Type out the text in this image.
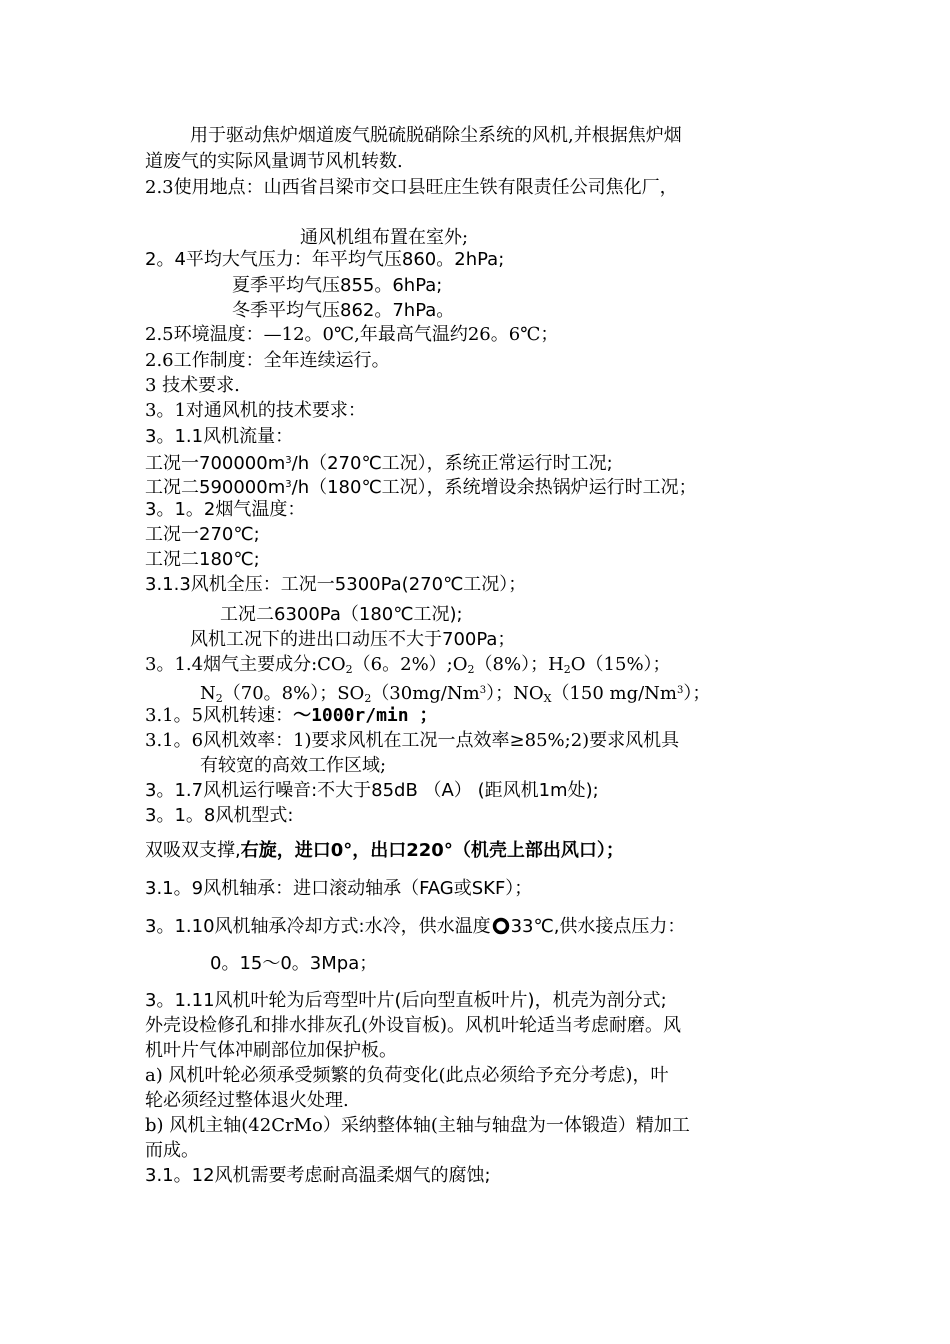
用于驱动焦炉烟道废气脱硫脱硝除尘系统的风机,并根据焦炉烟
道废气的实际风量调节风机转数.
2.3使用地点：山西省吕梁市交口县旺庄生铁有限责任公司焦化厂，
通风机组布置在室外;
2。4平均大气压力：年平均气压860。2hPa;
夏季平均气压855。6hPa;
冬季平均气压862。7hPa。
2.5环境温度：—12。0℃,年最高气温约26。6℃；
2.6工作制度：全年连续运行。
3 技术要求.
3。1对通风机的技术要求：
3。1.1风机流量：
工况一$700000m^3/h(270℃$工况），系统正常运行时工况;
工况二$590000m^3/h(180℃$工况），系统增设余热锅炉运行时工况；
3。1。2烟气温度：
工况一270℃;
工况二180℃;
3.1.3风机全压：工况一5300Pa(270℃工况）；
工况二6300Pa（180℃工况);
风机工况下的进出口动压不大于700Pa；
3。1.4烟气主要成分$:CO_2(6$。$2\%);O_2(8\%)$；$H_2O(15\%)$；
$N_2(70$。8%）；$SO_2(30mg/Nm^3)$；$NO_X(150$ mg/Nm$^3$）；
3.1。5风机转速：～1000r/min ；
3.1。6风机效率：1)要求风机在工况一点效率≥85%;2)要求风机具
有较宽的高效工作区域;
3。1.7风机运行噪音:不大于85dB （A） (距风机1m处);
3。1。8风机型式:
双吸双支撑,右旋，进口0°，出口220°（机壳上部出风口）；
3.1。9风机轴承：进口滚动轴承（FAG或SKF）；
3。1.10风机轴承冷却方式:水冷，供水温度 33℃,供水接点压力：
0。15～0。3Mpa；
3。1.11风机叶轮为后弯型叶片(后向型直板叶片)，机壳为剖分式;
外壳设检修孔和排水排灰孔(外设盲板)。风机叶轮适当考虑耐磨。风
机叶片气体冲刷部位加保护板。
a) 风机叶轮必须承受频繁的负荷变化(此点必须给予充分考虑)，叶
轮必须经过整体退火处理.
b) 风机主轴(42CrMo）采纳整体轴(主轴与轴盘为一体锻造）精加工
而成。
3.1。12风机需要考虑耐高温柔烟气的腐蚀;
